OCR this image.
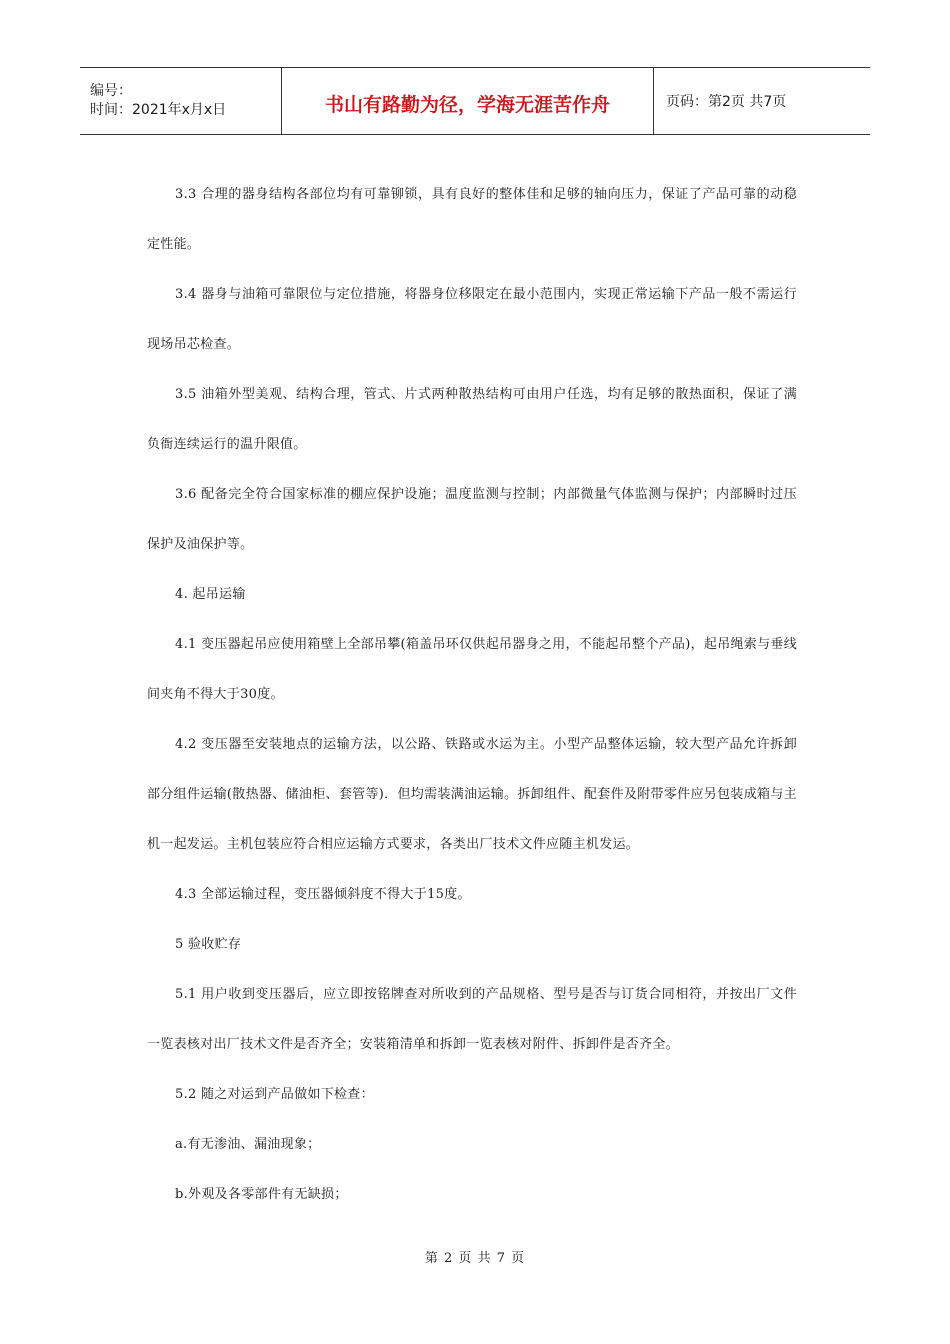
编号：
时间：2021年x月x日	书山有路勤为径，学海无涯苦作舟	页码：第2页 共7页

3.3 合理的器身结构各部位均有可靠铆锁，具有良好的整体佳和足够的轴向压力，保证了产品可靠的动稳定性能。

3.4 器身与油箱可靠限位与定位措施，将器身位移限定在最小范围内，实现正常运输下产品一般不需运行现场吊芯检查。

3.5 油箱外型美观、结构合理，管式、片式两种散热结构可由用户任选，均有足够的散热面积，保证了满负衙连续运行的温升限值。

3.6 配备完全符合国家标准的棚应保护设施；温度监测与控制；内部微量气体监测与保护；内部瞬时过压保护及油保护等。

4. 起吊运输

4.1 变压器起吊应使用箱壁上全部吊攀(箱盖吊环仅供起吊器身之用，不能起吊整个产品)，起吊绳索与垂线间夹角不得大于30度。

4.2 变压器至安装地点的运输方法，以公路、铁路或水运为主。小型产品整体运输，较大型产品允许拆卸部分组件运输(散热器、储油柜、套管等)．但均需装满油运输。拆卸组件、配套件及附带零件应另包装成箱与主机一起发运。主机包装应符合相应运输方式要求，各类出厂技术文件应随主机发运。

4.3 全部运输过程，变压器倾斜度不得大于15度。

5 验收贮存

5.1 用户收到变压器后，应立即按铭牌查对所收到的产品规格、型号是否与订货合同相符，并按出厂文件一览表核对出厂技术文件是否齐全；安装箱清单和拆卸一览表核对附件、拆卸件是否齐全。

5.2 随之对运到产品做如下检查：

a.有无渗油、漏油现象；

b.外观及各零部件有无缺损；

第 2 页 共 7 页
